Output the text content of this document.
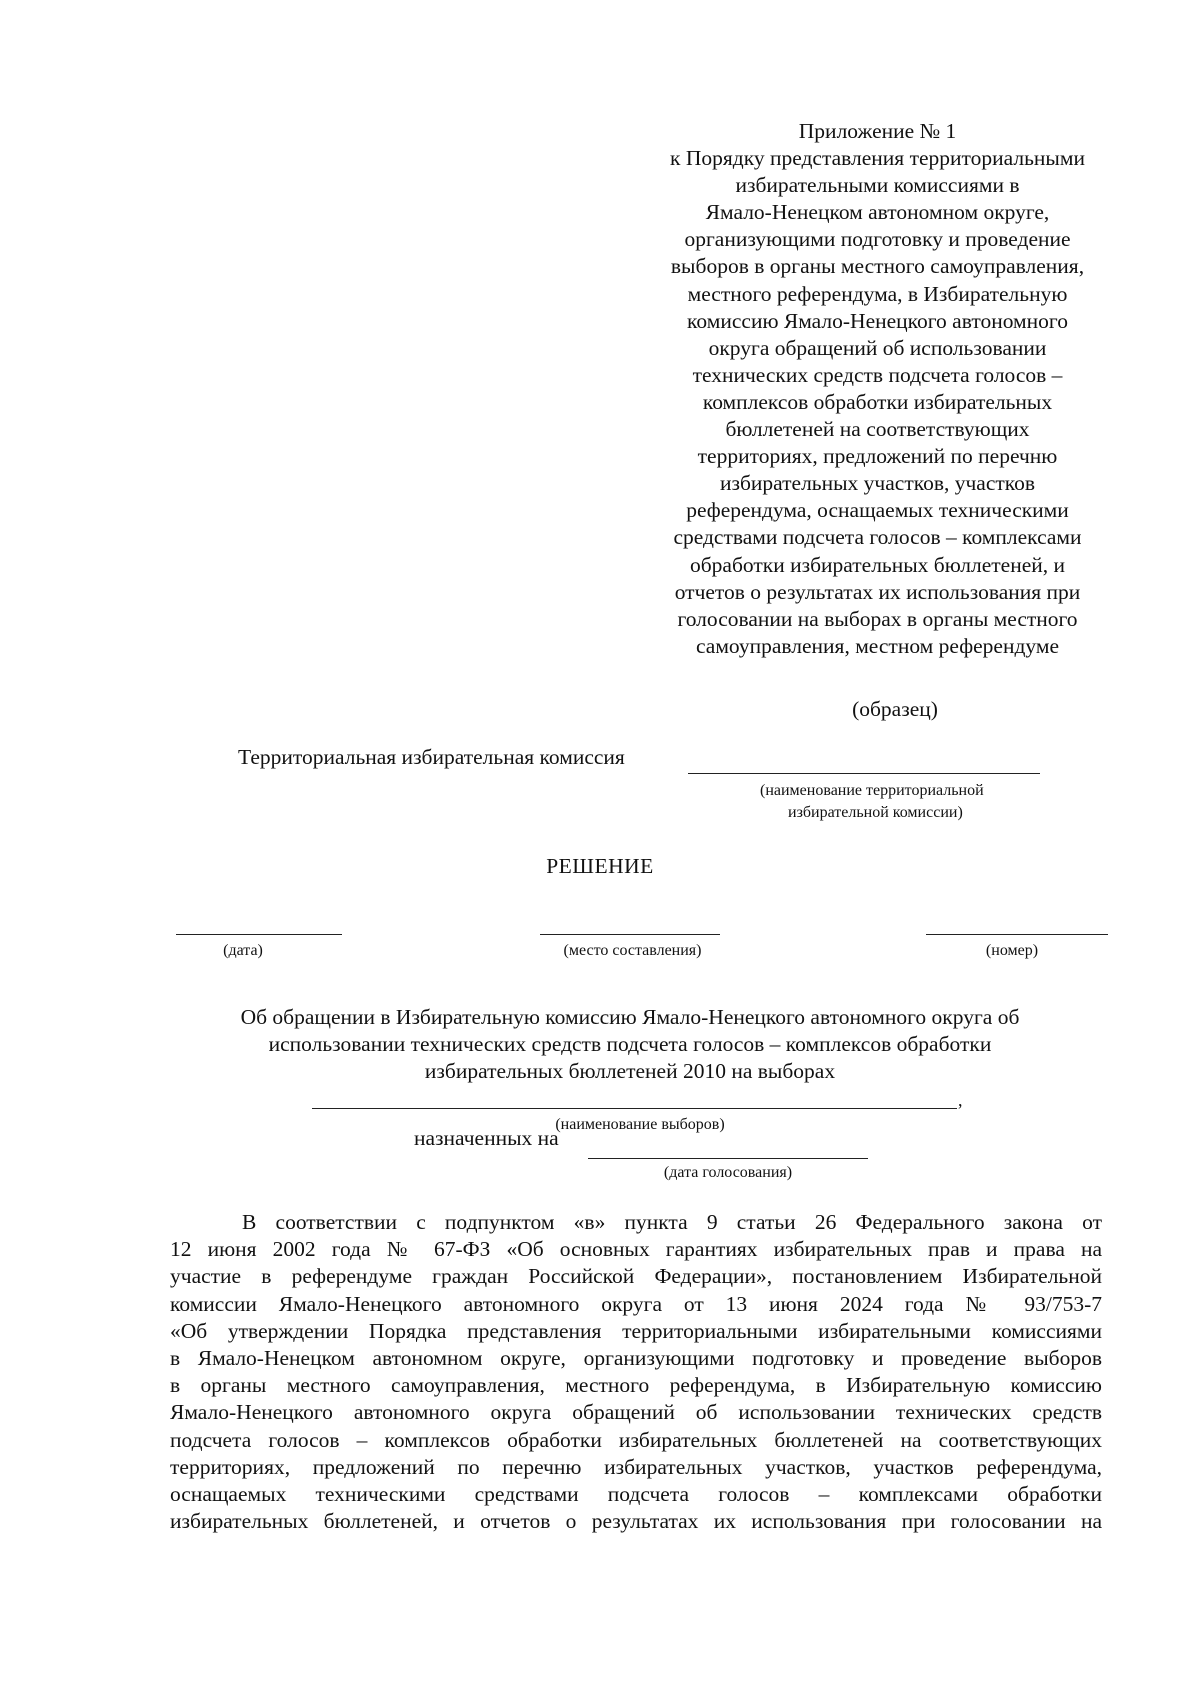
Приложение № 1
к Порядку представления территориальными
избирательными комиссиями в
Ямало-Ненецком автономном округе,
организующими подготовку и проведение
выборов в органы местного самоуправления,
местного референдума, в Избирательную
комиссию Ямало-Ненецкого автономного
округа обращений об использовании
технических средств подсчета голосов –
комплексов обработки избирательных
бюллетеней на соответствующих
территориях, предложений по перечню
избирательных участков, участков
референдума, оснащаемых техническими
средствами подсчета голосов – комплексами
обработки избирательных бюллетеней, и
отчетов о результатах их использования при
голосовании на выборах в органы местного
самоуправления, местном референдуме
(образец)
Территориальная избирательная комиссия
(наименование территориальной
избирательной комиссии)
РЕШЕНИЕ
(дата)	(место составления)	(номер)
Об обращении в Избирательную комиссию Ямало-Ненецкого автономного округа об
использовании технических средств подсчета голосов – комплексов обработки
избирательных бюллетеней 2010 на выборах
,
(наименование выборов)
назначенных на
(дата голосования)
В соответствии с подпунктом «в» пункта 9 статьи 26 Федерального закона от
12 июня 2002 года № 67-ФЗ «Об основных гарантиях избирательных прав и права на
участие в референдуме граждан Российской Федерации», постановлением Избирательной
комиссии Ямало-Ненецкого автономного округа от 13 июня 2024 года № 93/753-7
«Об утверждении Порядка представления территориальными избирательными комиссиями
в Ямало-Ненецком автономном округе, организующими подготовку и проведение выборов
в органы местного самоуправления, местного референдума, в Избирательную комиссию
Ямало-Ненецкого автономного округа обращений об использовании технических средств
подсчета голосов – комплексов обработки избирательных бюллетеней на соответствующих
территориях, предложений по перечню избирательных участков, участков референдума,
оснащаемых техническими средствами подсчета голосов – комплексами обработки
избирательных бюллетеней, и отчетов о результатах их использования при голосовании на
